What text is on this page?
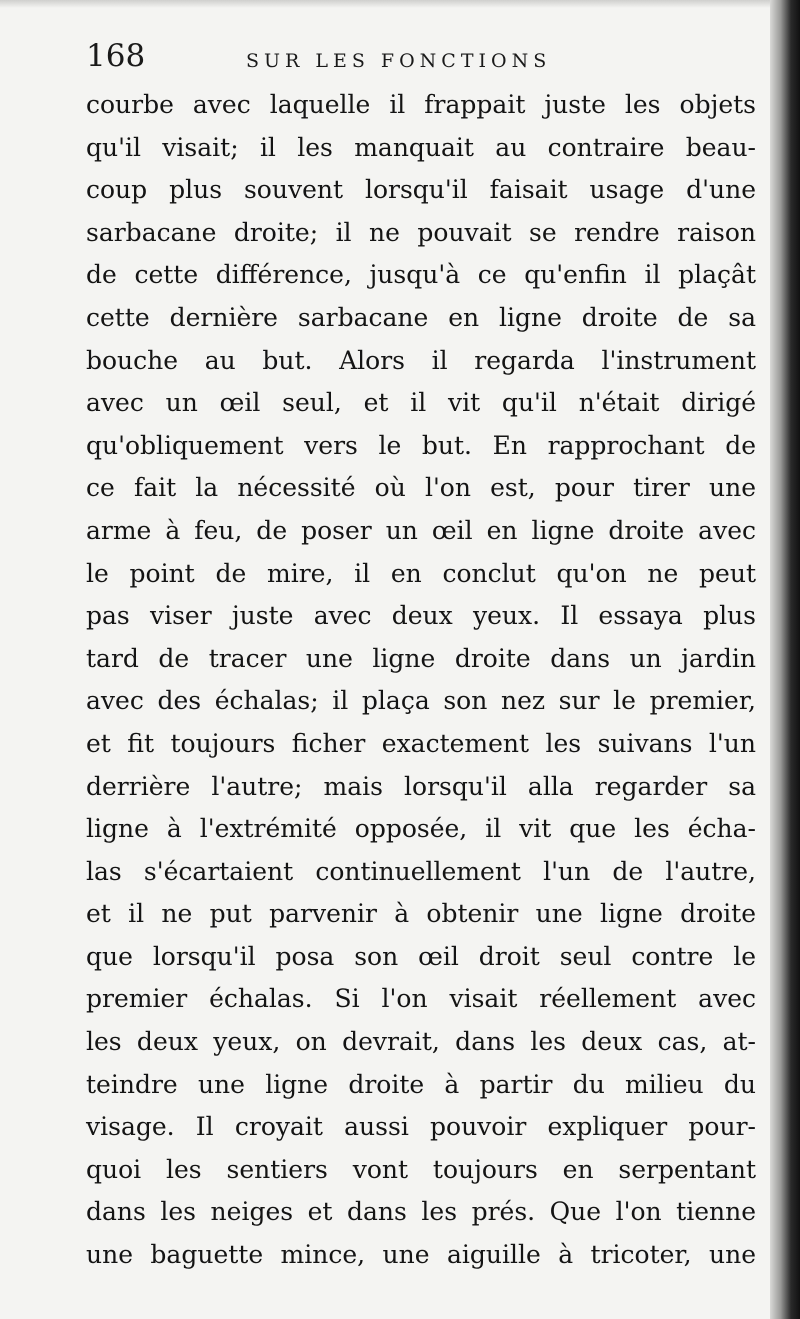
168	SUR LES FONCTIONS
courbe avec laquelle il frappait juste les objets
qu'il visait; il les manquait au contraire beau-
coup plus souvent lorsqu'il faisait usage d'une
sarbacane droite; il ne pouvait se rendre raison
de cette différence, jusqu'à ce qu'enfin il plaçât
cette dernière sarbacane en ligne droite de sa
bouche au but. Alors il regarda l'instrument
avec un œil seul, et il vit qu'il n'était dirigé
qu'obliquement vers le but. En rapprochant de
ce fait la nécessité où l'on est, pour tirer une
arme à feu, de poser un œil en ligne droite avec
le point de mire, il en conclut qu'on ne peut
pas viser juste avec deux yeux. Il essaya plus
tard de tracer une ligne droite dans un jardin
avec des échalas; il plaça son nez sur le premier,
et fit toujours ficher exactement les suivans l'un
derrière l'autre; mais lorsqu'il alla regarder sa
ligne à l'extrémité opposée, il vit que les écha-
las s'écartaient continuellement l'un de l'autre,
et il ne put parvenir à obtenir une ligne droite
que lorsqu'il posa son œil droit seul contre le
premier échalas. Si l'on visait réellement avec
les deux yeux, on devrait, dans les deux cas, at-
teindre une ligne droite à partir du milieu du
visage. Il croyait aussi pouvoir expliquer pour-
quoi les sentiers vont toujours en serpentant
dans les neiges et dans les prés. Que l'on tienne
une baguette mince, une aiguille à tricoter, une
